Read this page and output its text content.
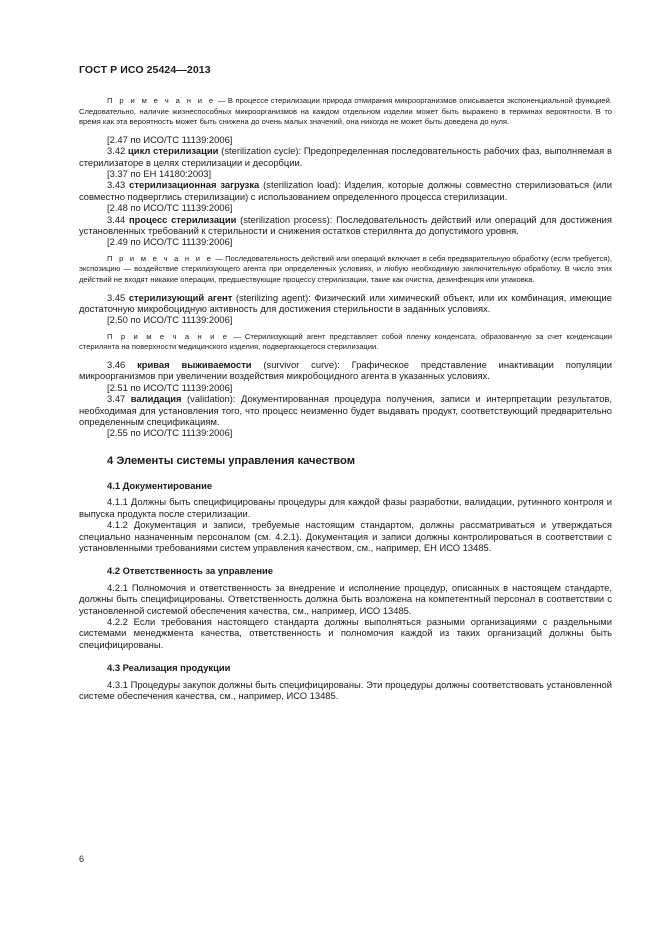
ГОСТ Р ИСО 25424—2013

П р и м е ч а н и е — В процессе стерилизации природа отмирания микроорганизмов описывается экспоненциальной функцией. Следовательно, наличие жизнеспособных микроорганизмов на каждом отдельном изделии может быть выражено в терминах вероятности. В то время как эта вероятность может быть снижена до очень малых значений, она никогда не может быть доведена до нуля.

[2.47 по ИСО/ТС 11139:2006]

3.42 цикл стерилизации (sterilization cycle): Предопределенная последовательность рабочих фаз, выполняемая в стерилизаторе в целях стерилизации и десорбции.

[3.37 по ЕН 14180:2003]

3.43 стерилизационная загрузка (sterilization load): Изделия, которые должны совместно стерилизоваться (или совместно подверглись стерилизации) с использованием определенного процесса стерилизации.

[2.48 по ИСО/ТС 11139:2006]

3.44 процесс стерилизации (sterilization process): Последовательность действий или операций для достижения установленных требований к стерильности и снижения остатков стерилянта до допустимого уровня.

[2.49 по ИСО/ТС 11139:2006]

П р и м е ч а н и е — Последовательность действий или операций включает в себя предварительную обработку (если требуется), экспозицию — воздействие стерилизующего агента при определенных условиях, и любую необходимую заключительную обработку. В число этих действий не входят никакие операции, предшествующие процессу стерилизации, такие как очистка, дезинфекция или упаковка.

3.45 стерилизующий агент (sterilizing agent): Физический или химический объект, или их комбинация, имеющие достаточную микробоцидную активность для достижения стерильности в заданных условиях.

[2.50 по ИСО/ТС 11139:2006]

П р и м е ч а н и е — Стерилизующий агент представляет собой пленку конденсата, образованную за счет конденсации стерилянта на поверхности медицинского изделия, подвергающегося стерилизации.

3.46 кривая выживаемости (survivor curve): Графическое представление инактивации популяции микроорганизмов при увеличении воздействия микробоцидного агента в указанных условиях.

[2.51 по ИСО/ТС 11139:2006]

3.47 валидация (validation): Документированная процедура получения, записи и интерпретации результатов, необходимая для установления того, что процесс неизменно будет выдавать продукт, соответствующий предварительно определенным спецификациям.

[2.55 по ИСО/ТС 11139:2006]

4 Элементы системы управления качеством
4.1 Документирование

4.1.1 Должны быть специфицированы процедуры для каждой фазы разработки, валидации, рутинного контроля и выпуска продукта после стерилизации.

4.1.2 Документация и записи, требуемые настоящим стандартом, должны рассматриваться и утверждаться специально назначенным персоналом (см. 4.2.1). Документация и записи должны контролироваться в соответствии с установленными требованиями систем управления качеством, см., например, ЕН ИСО 13485.

4.2 Ответственность за управление

4.2.1 Полномочия и ответственность за внедрение и исполнение процедур, описанных в настоящем стандарте, должны быть специфицированы. Ответственность должна быть возложена на компетентный персонал в соответствии с установленной системой обеспечения качества, см., например, ИСО 13485.

4.2.2 Если требования настоящего стандарта должны выполняться разными организациями с раздельными системами менеджмента качества, ответственность и полномочия каждой из таких организаций должны быть специфицированы.

4.3 Реализация продукции

4.3.1 Процедуры закупок должны быть специфицированы. Эти процедуры должны соответствовать установленной системе обеспечения качества, см., например, ИСО 13485.

6
